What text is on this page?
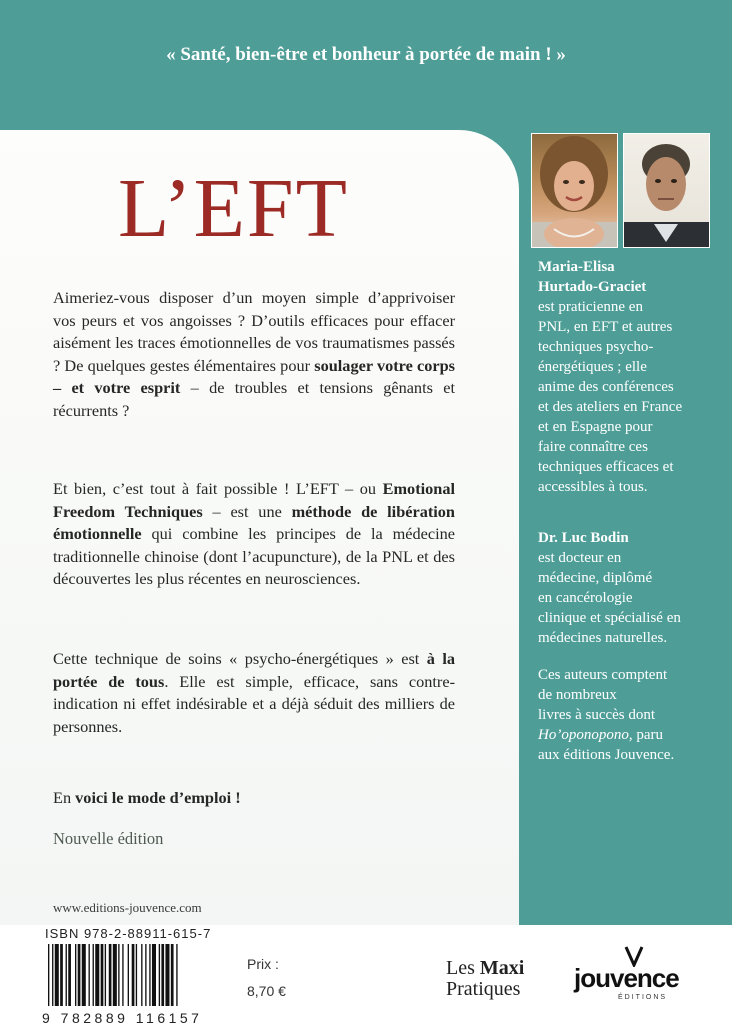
« Santé, bien-être et bonheur à portée de main ! »
L’EFT

Aimeriez-vous disposer d’un moyen simple d’apprivoiser vos peurs et vos angoisses ? D’outils efficaces pour effacer aisément les traces émotionnelles de vos traumatismes passés ? De quelques gestes élémentaires pour soulager votre corps – et votre esprit – de troubles et tensions gênants et récurrents ?

Et bien, c’est tout à fait possible ! L’EFT – ou Emotional Freedom Techniques – est une méthode de libération émotionnelle qui combine les principes de la médecine traditionnelle chinoise (dont l’acupuncture), de la PNL et des découvertes les plus récentes en neurosciences.

Cette technique de soins « psycho-énergétiques » est à la portée de tous. Elle est simple, efficace, sans contre-indication ni effet indésirable et a déjà séduit des milliers de personnes.

En voici le mode d’emploi !
Nouvelle édition
www.editions-jouvence.com
Maria-Elisa
Hurtado-Graciet
est praticienne en
PNL, en EFT et autres
techniques psycho-
énergétiques ; elle
anime des conférences
et des ateliers en France
et en Espagne pour
faire connaître ces
techniques efficaces et
accessibles à tous.
Dr. Luc Bodin
est docteur en
médecine, diplômé
en cancérologie
clinique et spécialisé en
médecines naturelles.
Ces auteurs comptent
de nombreux
livres à succès dont
Ho’oponopono, paru
aux éditions Jouvence.
ISBN 978-2-88911-615-7
9 782889 116157
Prix :
8,70 €
Les Maxi
Pratiques jouvence
ÉDITIONS
